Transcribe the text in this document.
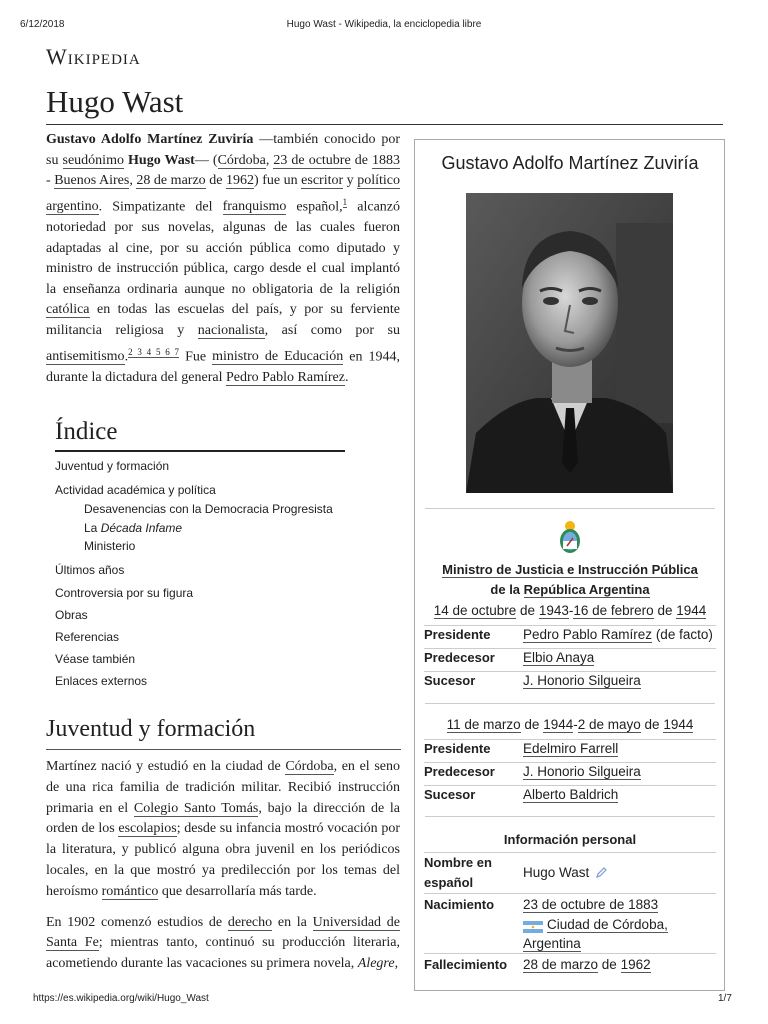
6/12/2018	Hugo Wast - Wikipedia, la enciclopedia libre
Wikipedia
Hugo Wast

Gustavo Adolfo Martínez Zuviría —también conocido por su seudónimo Hugo Wast— (Córdoba, 23 de octubre de 1883 - Buenos Aires, 28 de marzo de 1962) fue un escritor y político argentino. Simpatizante del franquismo español,$^1$ alcanzó notoriedad por sus novelas, algunas de las cuales fueron adaptadas al cine, por su acción pública como diputado y ministro de instrucción pública, cargo desde el cual implantó la enseñanza ordinaria aunque no obligatoria de la religión católica en todas las escuelas del país, y por su ferviente militancia religiosa y nacionalista, así como por su antisemitismo.$^{2 3 4 5 6 7}$ Fue ministro de Educación en 1944, durante la dictadura del general Pedro Pablo Ramírez.

Índice
Juventud y formación
Actividad académica y política
Desavenencias con la Democracia Progresista
La Década Infame
Ministerio
Últimos años
Controversia por su figura
Obras
Referencias
Véase también
Enlaces externos
Juventud y formación

Martínez nació y estudió en la ciudad de Córdoba, en el seno de una rica familia de tradición militar. Recibió instrucción primaria en el Colegio Santo Tomás, bajo la dirección de la orden de los escolapios; desde su infancia mostró vocación por la literatura, y publicó alguna obra juvenil en los periódicos locales, en la que mostró ya predilección por los temas del heroísmo romántico que desarrollaría más tarde.

En 1902 comenzó estudios de derecho en la Universidad de Santa Fe; mientras tanto, continuó su producción literaria, acometiendo durante las vacaciones su primera novela, Alegre,

Gustavo Adolfo Martínez Zuviría
Ministro de Justicia e Instrucción Pública
de la República Argentina
14 de octubre de 1943-16 de febrero de 1944
Presidente Pedro Pablo Ramírez (de facto)
Predecesor Elbio Anaya
Sucesor	J. Honorio Silgueira
11 de marzo de 1944-2 de mayo de 1944
Presidente Edelmiro Farrell
Predecesor J. Honorio Silgueira
Sucesor	Alberto Baldrich
Información personal
Nombre en
español
Hugo Wast
Nacimiento 23 de octubre de 1883
Ciudad de Córdoba,
Argentina
Fallecimiento 28 de marzo de 1962
https://es.wikipedia.org/wiki/Hugo_Wast	1/7
